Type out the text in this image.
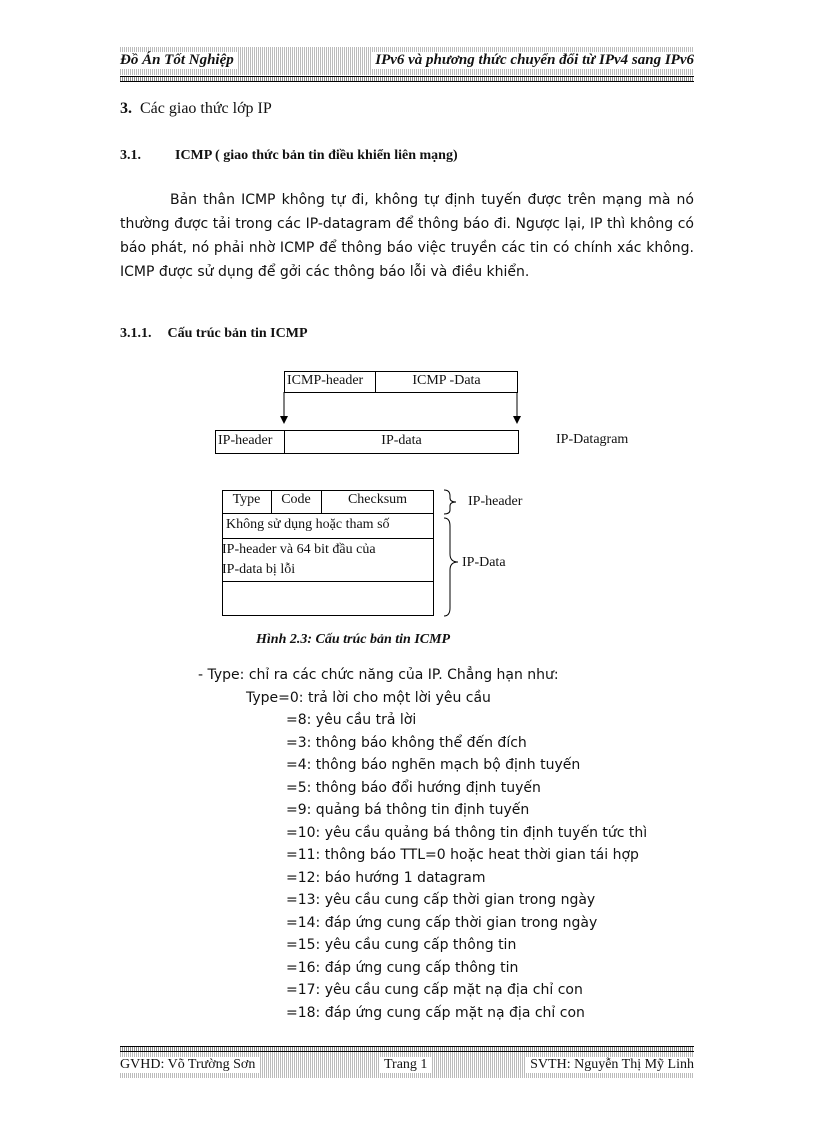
Đồ Án Tốt Nghiệp	IPv6 và phương thức chuyển đổi từ IPv4 sang IPv6
3. Các giao thức lớp IP
3.1. ICMP ( giao thức bản tin điều khiển liên mạng)
Bản thân ICMP không tự đi, không tự định tuyến được trên mạng mà nó thường được tải trong các IP-datagram để thông báo đi. Ngược lại, IP thì không có báo phát, nó phải nhờ ICMP để thông báo việc truyền các tin có chính xác không. ICMP được sử dụng để gởi các thông báo lỗi và điều khiển.
3.1.1. Cấu trúc bản tin ICMP
ICMP-header	ICMP -Data
IP-header	IP-data	IP-Datagram
Type	Code	Checksum
Không sử dụng hoặc tham số
IP-header và 64 bit đầu của
IP-data bị lỗi
IP-header
IP-Data
Hình 2.3: Cấu trúc bản tin ICMP
- Type: chỉ ra các chức năng của IP. Chẳng hạn như:
Type=0: trả lời cho một lời yêu cầu
=8: yêu cầu trả lời
=3: thông báo không thể đến đích
=4: thông báo nghẽn mạch bộ định tuyến
=5: thông báo đổi hướng định tuyến
=9: quảng bá thông tin định tuyến
=10: yêu cầu quảng bá thông tin định tuyến tức thì
=11: thông báo TTL=0 hoặc heat thời gian tái hợp
=12: báo hướng 1 datagram
=13: yêu cầu cung cấp thời gian trong ngày
=14: đáp ứng cung cấp thời gian trong ngày
=15: yêu cầu cung cấp thông tin
=16: đáp ứng cung cấp thông tin
=17: yêu cầu cung cấp mặt nạ địa chỉ con
=18: đáp ứng cung cấp mặt nạ địa chỉ con
GVHD: Võ Trường Sơn	Trang 1	SVTH: Nguyễn Thị Mỹ Linh
